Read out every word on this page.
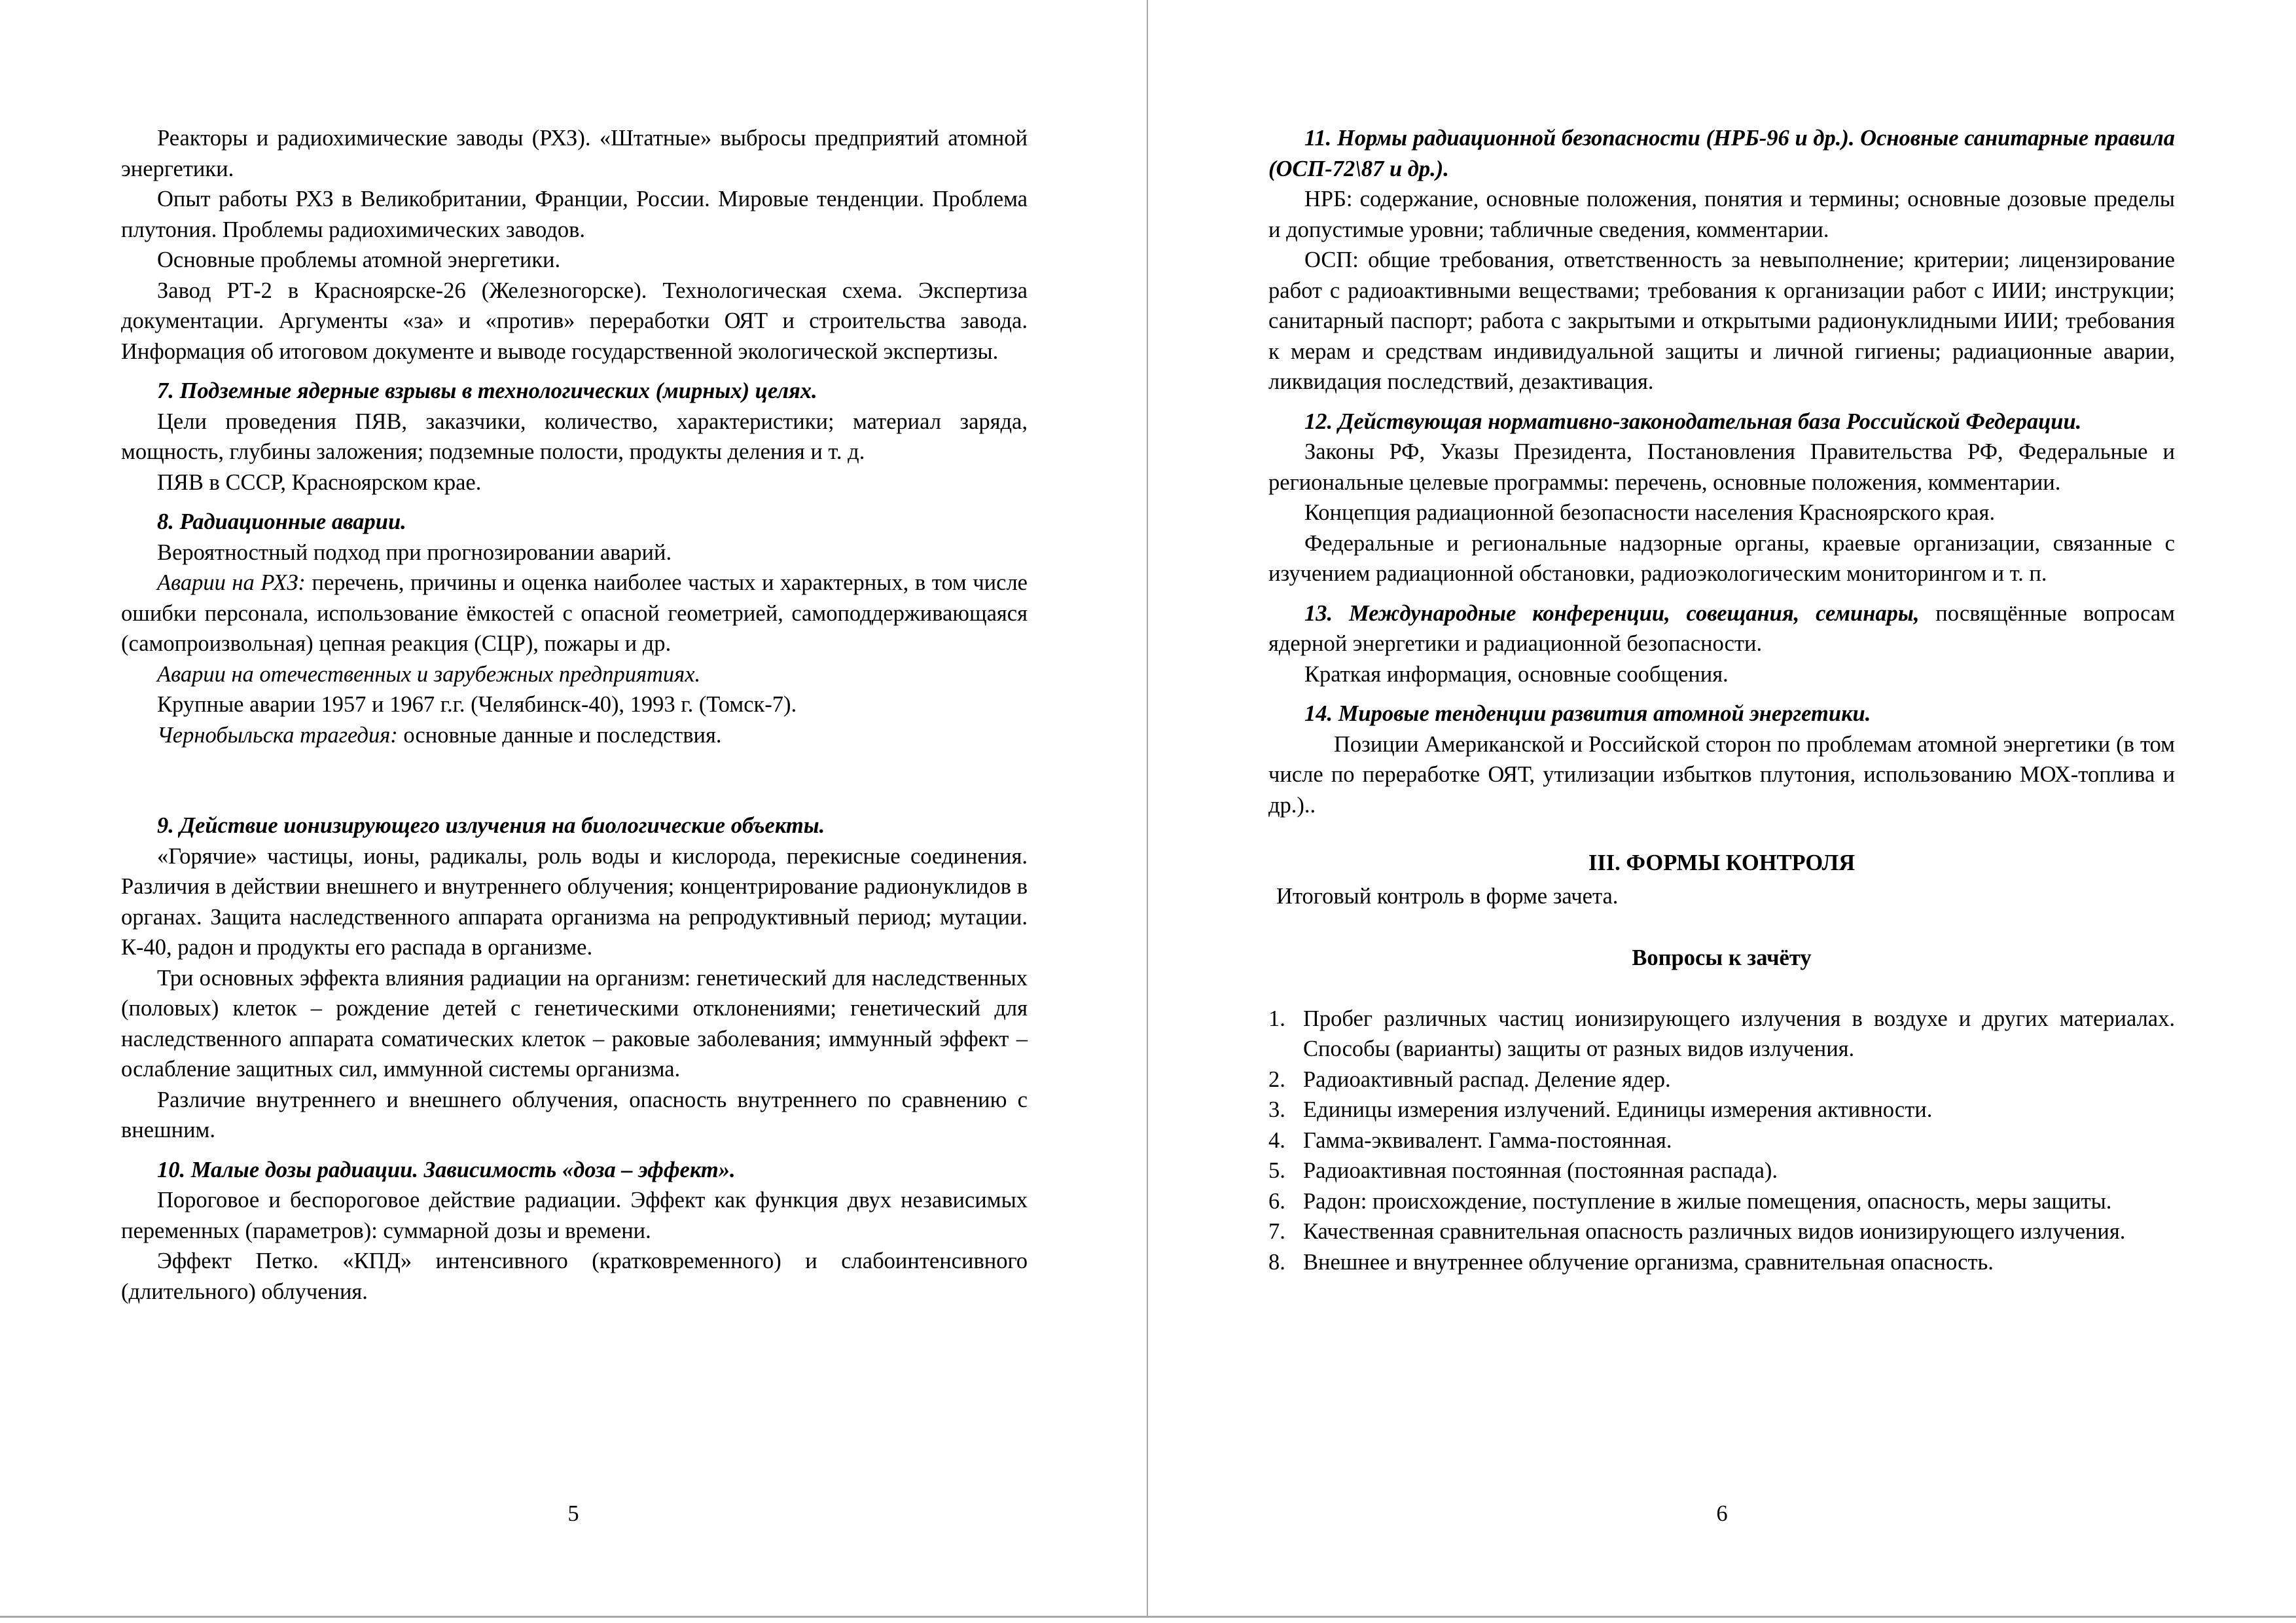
Реакторы и радиохимические заводы (РХЗ). «Штатные» выбросы предприятий атомной энергетики.

Опыт работы РХЗ в Великобритании, Франции, России. Мировые тенденции. Проблема плутония. Проблемы радиохимических заводов.

Основные проблемы атомной энергетики.

Завод РТ-2 в Красноярске-26 (Железногорске). Технологическая схема. Экспертиза документации. Аргументы «за» и «против» переработки ОЯТ и строительства завода. Информация об итоговом документе и выводе государственной экологической экспертизы.

7. Подземные ядерные взрывы в технологических (мирных) целях.

Цели проведения ПЯВ, заказчики, количество, характеристики; материал заряда, мощность, глубины заложения; подземные полости, продукты деления и т. д.

ПЯВ в СССР, Красноярском крае.

8. Радиационные аварии.

Вероятностный подход при прогнозировании аварий.

Аварии на РХЗ: перечень, причины и оценка наиболее частых и характерных, в том числе ошибки персонала, использование ёмкостей с опасной геометрией, самоподдерживающаяся (самопроизвольная) цепная реакция (СЦР), пожары и др.

Аварии на отечественных и зарубежных предприятиях.

Крупные аварии 1957 и 1967 г.г. (Челябинск-40), 1993 г. (Томск-7).

Чернобыльска трагедия: основные данные и последствия.

9. Действие ионизирующего излучения на биологические объекты.

«Горячие» частицы, ионы, радикалы, роль воды и кислорода, перекисные соединения. Различия в действии внешнего и внутреннего облучения; концентрирование радионуклидов в органах. Защита наследственного аппарата организма на репродуктивный период; мутации. К-40, радон и продукты его распада в организме.

Три основных эффекта влияния радиации на организм: генетический для наследственных (половых) клеток – рождение детей с генетическими отклонениями; генетический для наследственного аппарата соматических клеток – раковые заболевания; иммунный эффект – ослабление защитных сил, иммунной системы организма.

Различие внутреннего и внешнего облучения, опасность внутреннего по сравнению с внешним.

10. Малые дозы радиации. Зависимость «доза – эффект».

Пороговое и беспороговое действие радиации. Эффект как функция двух независимых переменных (параметров): суммарной дозы и времени.

Эффект Петко. «КПД» интенсивного (кратковременного) и слабоинтенсивного (длительного) облучения.

5

11. Нормы радиационной безопасности (НРБ-96 и др.). Основные санитарные правила (ОСП-72\87 и др.).

НРБ: содержание, основные положения, понятия и термины; основные дозовые пределы и допустимые уровни; табличные сведения, комментарии.

ОСП: общие требования, ответственность за невыполнение; критерии; лицензирование работ с радиоактивными веществами; требования к организации работ с ИИИ; инструкции; санитарный паспорт; работа с закрытыми и открытыми радионуклидными ИИИ; требования к мерам и средствам индивидуальной защиты и личной гигиены; радиационные аварии, ликвидация последствий, дезактивация.

12. Действующая нормативно-законодательная база Российской Федерации.

Законы РФ, Указы Президента, Постановления Правительства РФ, Федеральные и региональные целевые программы: перечень, основные положения, комментарии.

Концепция радиационной безопасности населения Красноярского края.

Федеральные и региональные надзорные органы, краевые организации, связанные с изучением радиационной обстановки, радиоэкологическим мониторингом и т. п.

13. Международные конференции, совещания, семинары, посвящённые вопросам ядерной энергетики и радиационной безопасности.

Краткая информация, основные сообщения.

14. Мировые тенденции развития атомной энергетики.

Позиции Американской и Российской сторон по проблемам атомной энергетики (в том числе по переработке ОЯТ, утилизации избытков плутония, использованию МОХ-топлива и др.)..

III. ФОРМЫ КОНТРОЛЯ

Итоговый контроль в форме зачета.

Вопросы к зачёту

1. Пробег различных частиц ионизирующего излучения в воздухе и других материалах. Способы (варианты) защиты от разных видов излучения.
2. Радиоактивный распад. Деление ядер.
3. Единицы измерения излучений. Единицы измерения активности.
4. Гамма-эквивалент. Гамма-постоянная.
5. Радиоактивная постоянная (постоянная распада).
6. Радон: происхождение, поступление в жилые помещения, опасность, меры защиты.
7. Качественная сравнительная опасность различных видов ионизирующего излучения.
8. Внешнее и внутреннее облучение организма, сравнительная опасность.
6
